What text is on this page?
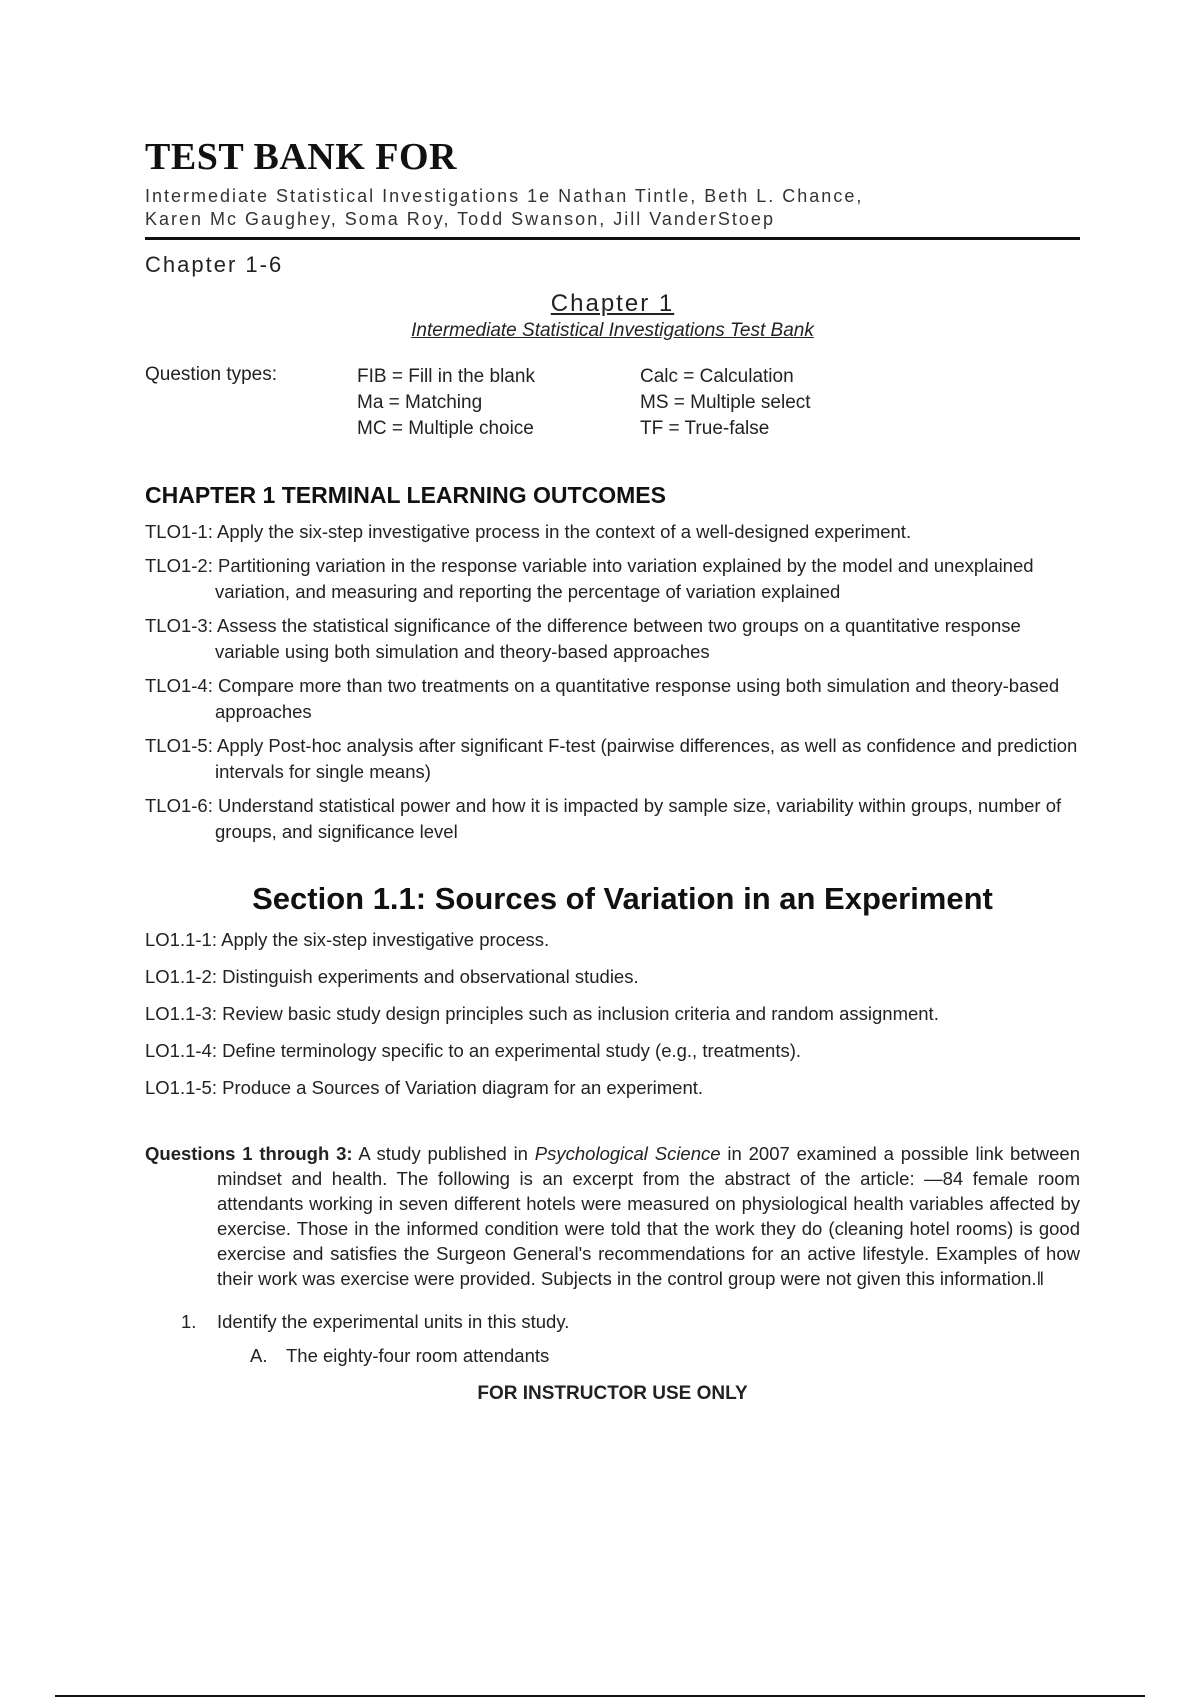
TEST BANK FOR
Intermediate Statistical Investigations 1e Nathan Tintle, Beth L. Chance,
Karen Mc Gaughey, Soma Roy, Todd Swanson, Jill VanderStoep
Chapter 1-6
Chapter 1
Intermediate Statistical Investigations Test Bank
Question types:	FIB = Fill in the blank
Ma = Matching
MC = Multiple choice
Calc = Calculation
MS = Multiple select
TF = True-false
CHAPTER 1 TERMINAL LEARNING OUTCOMES
TLO1-1: Apply the six-step investigative process in the context of a well-designed experiment.
TLO1-2: Partitioning variation in the response variable into variation explained by the model and unexplained variation, and measuring and reporting the percentage of variation explained
TLO1-3: Assess the statistical significance of the difference between two groups on a quantitative response variable using both simulation and theory-based approaches
TLO1-4: Compare more than two treatments on a quantitative response using both simulation and theory-based approaches
TLO1-5: Apply Post-hoc analysis after significant F-test (pairwise differences, as well as confidence and prediction intervals for single means)
TLO1-6: Understand statistical power and how it is impacted by sample size, variability within groups, number of groups, and significance level
Section 1.1: Sources of Variation in an Experiment
LO1.1-1: Apply the six-step investigative process.
LO1.1-2: Distinguish experiments and observational studies.
LO1.1-3: Review basic study design principles such as inclusion criteria and random assignment.
LO1.1-4: Define terminology specific to an experimental study (e.g., treatments).
LO1.1-5: Produce a Sources of Variation diagram for an experiment.
Questions 1 through 3: A study published in Psychological Science in 2007 examined a possible link between mindset and health. The following is an excerpt from the abstract of the article: ―84 female room attendants working in seven different hotels were measured on physiological health variables affected by exercise. Those in the informed condition were told that the work they do (cleaning hotel rooms) is good exercise and satisfies the Surgeon General's recommendations for an active lifestyle. Examples of how their work was exercise were provided. Subjects in the control group were not given this information.‖
1. Identify the experimental units in this study.
A. The eighty-four room attendants
FOR INSTRUCTOR USE ONLY
